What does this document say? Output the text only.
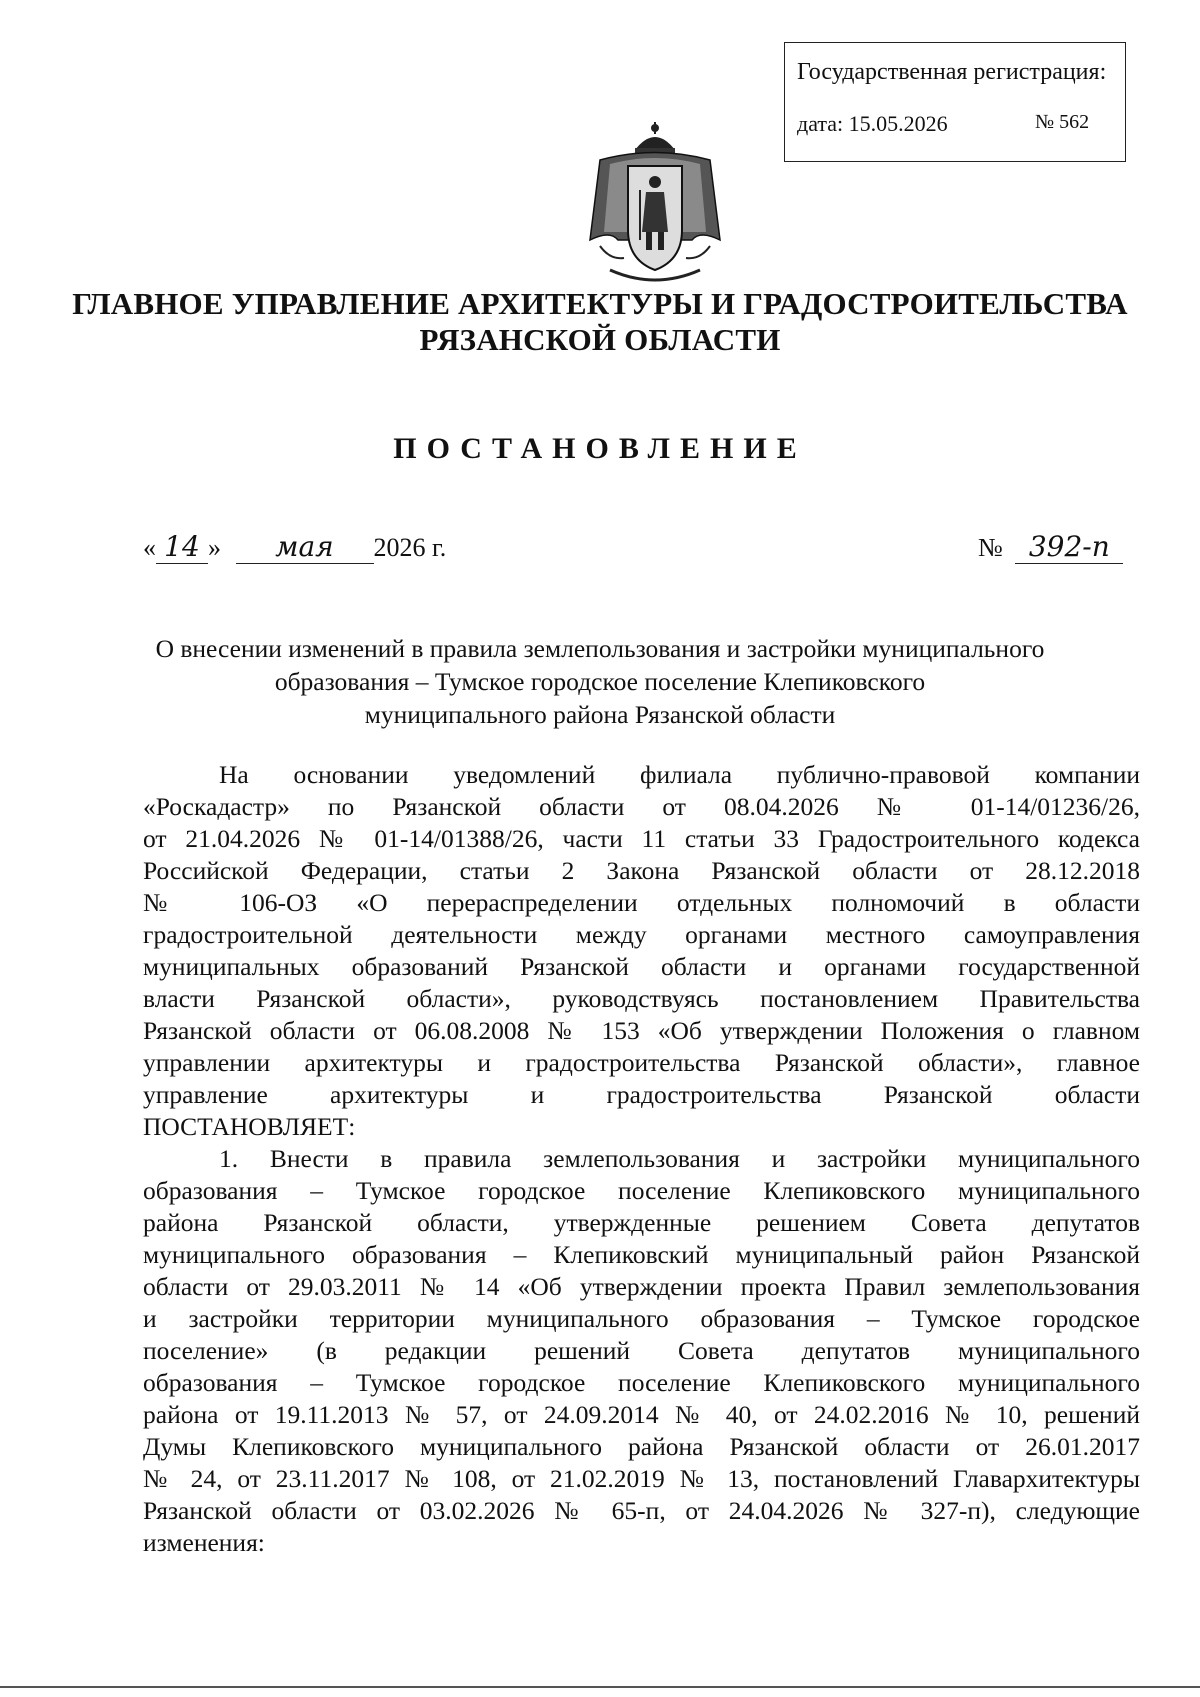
Государственная регистрация:
дата: 15.05.2026	№ 562
ГЛАВНОЕ УПРАВЛЕНИЕ АРХИТЕКТУРЫ И ГРАДОСТРОИТЕЛЬСТВА
РЯЗАНСКОЙ ОБЛАСТИ
ПОСТАНОВЛЕНИЕ
« 14 » мая 2026 г.	№ 392-п
О внесении изменений в правила землепользования и застройки муниципального
образования – Тумское городское поселение Клепиковского
муниципального района Рязанской области

На основании уведомлений филиала публично-правовой компании

«Роскадастр» по Рязанской области от 08.04.2026 № 01-14/01236/26,

от 21.04.2026 № 01-14/01388/26, части 11 статьи 33 Градостроительного кодекса

Российской Федерации, статьи 2 Закона Рязанской области от 28.12.2018

№ 106-ОЗ «О перераспределении отдельных полномочий в области

градостроительной деятельности между органами местного самоуправления

муниципальных образований Рязанской области и органами государственной

власти Рязанской области», руководствуясь постановлением Правительства

Рязанской области от 06.08.2008 № 153 «Об утверждении Положения о главном

управлении архитектуры и градостроительства Рязанской области», главное

управление архитектуры и градостроительства Рязанской области

ПОСТАНОВЛЯЕТ:

1. Внести в правила землепользования и застройки муниципального

образования – Тумское городское поселение Клепиковского муниципального

района Рязанской области, утвержденные решением Совета депутатов

муниципального образования – Клепиковский муниципальный район Рязанской

области от 29.03.2011 № 14 «Об утверждении проекта Правил землепользования

и застройки территории муниципального образования – Тумское городское

поселение» (в редакции решений Совета депутатов муниципального

образования – Тумское городское поселение Клепиковского муниципального

района от 19.11.2013 № 57, от 24.09.2014 № 40, от 24.02.2016 № 10, решений

Думы Клепиковского муниципального района Рязанской области от 26.01.2017

№ 24, от 23.11.2017 № 108, от 21.02.2019 № 13, постановлений Главархитектуры

Рязанской области от 03.02.2026 № 65-п, от 24.04.2026 № 327-п), следующие

изменения:
